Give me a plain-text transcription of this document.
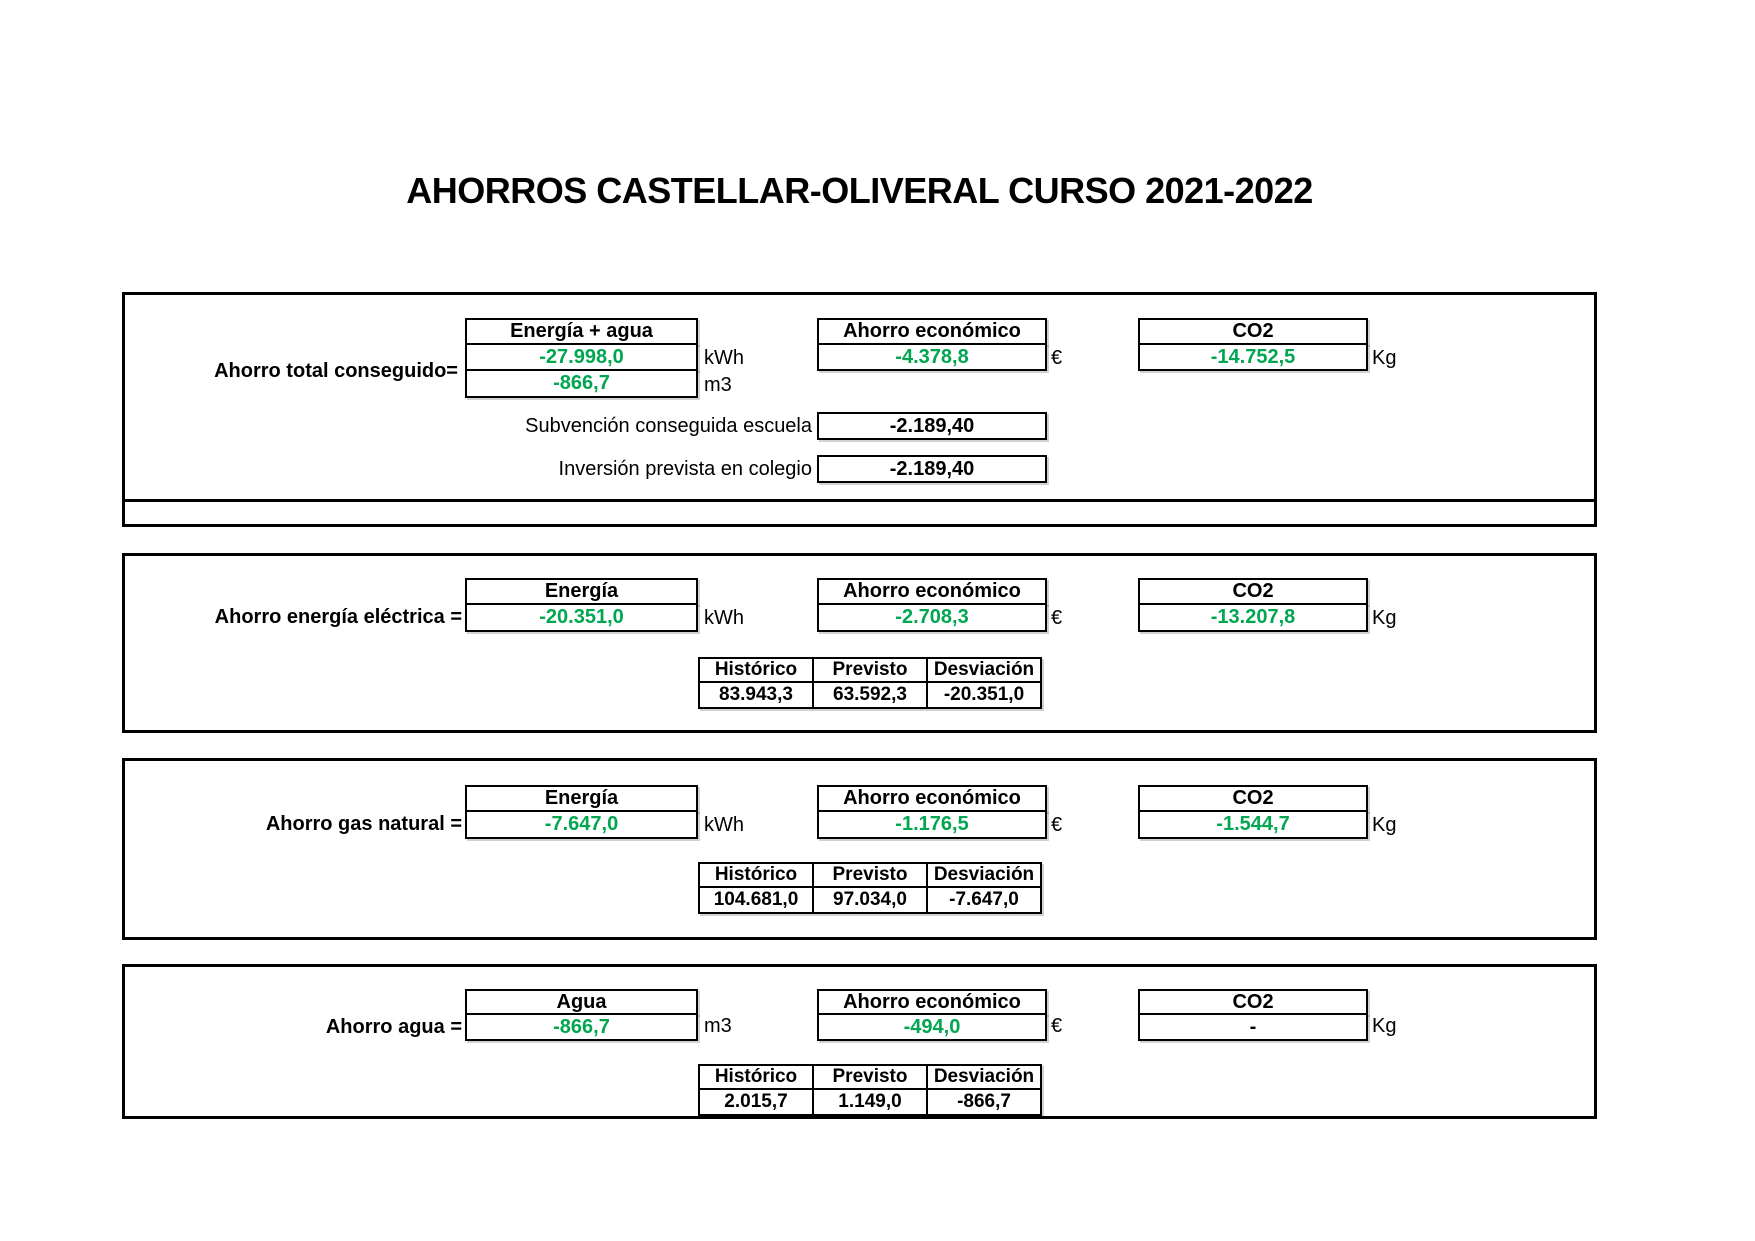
AHORROS CASTELLAR-OLIVERAL CURSO 2021-2022
Ahorro total conseguido=
Energía + agua
-27.998,0
-866,7
kWh
m3
Ahorro económico
-4.378,8	€
CO2
-14.752,5	Kg
Subvención conseguida escuela	-2.189,40
Inversión prevista en colegio	-2.189,40
Ahorro energía eléctrica =
Energía
-20.351,0	kWh
Ahorro económico
-2.708,3	€
CO2
-13.207,8	Kg
Histórico	Previsto	Desviación
83.943,3	63.592,3	-20.351,0
Ahorro gas natural =
Energía
-7.647,0	kWh
Ahorro económico
-1.176,5	€
CO2
-1.544,7	Kg
Histórico	Previsto	Desviación
104.681,0	97.034,0	-7.647,0
Ahorro agua =
Agua
-866,7	m3
Ahorro económico
-494,0	€
CO2
-	Kg
Histórico	Previsto	Desviación
2.015,7	1.149,0	-866,7
